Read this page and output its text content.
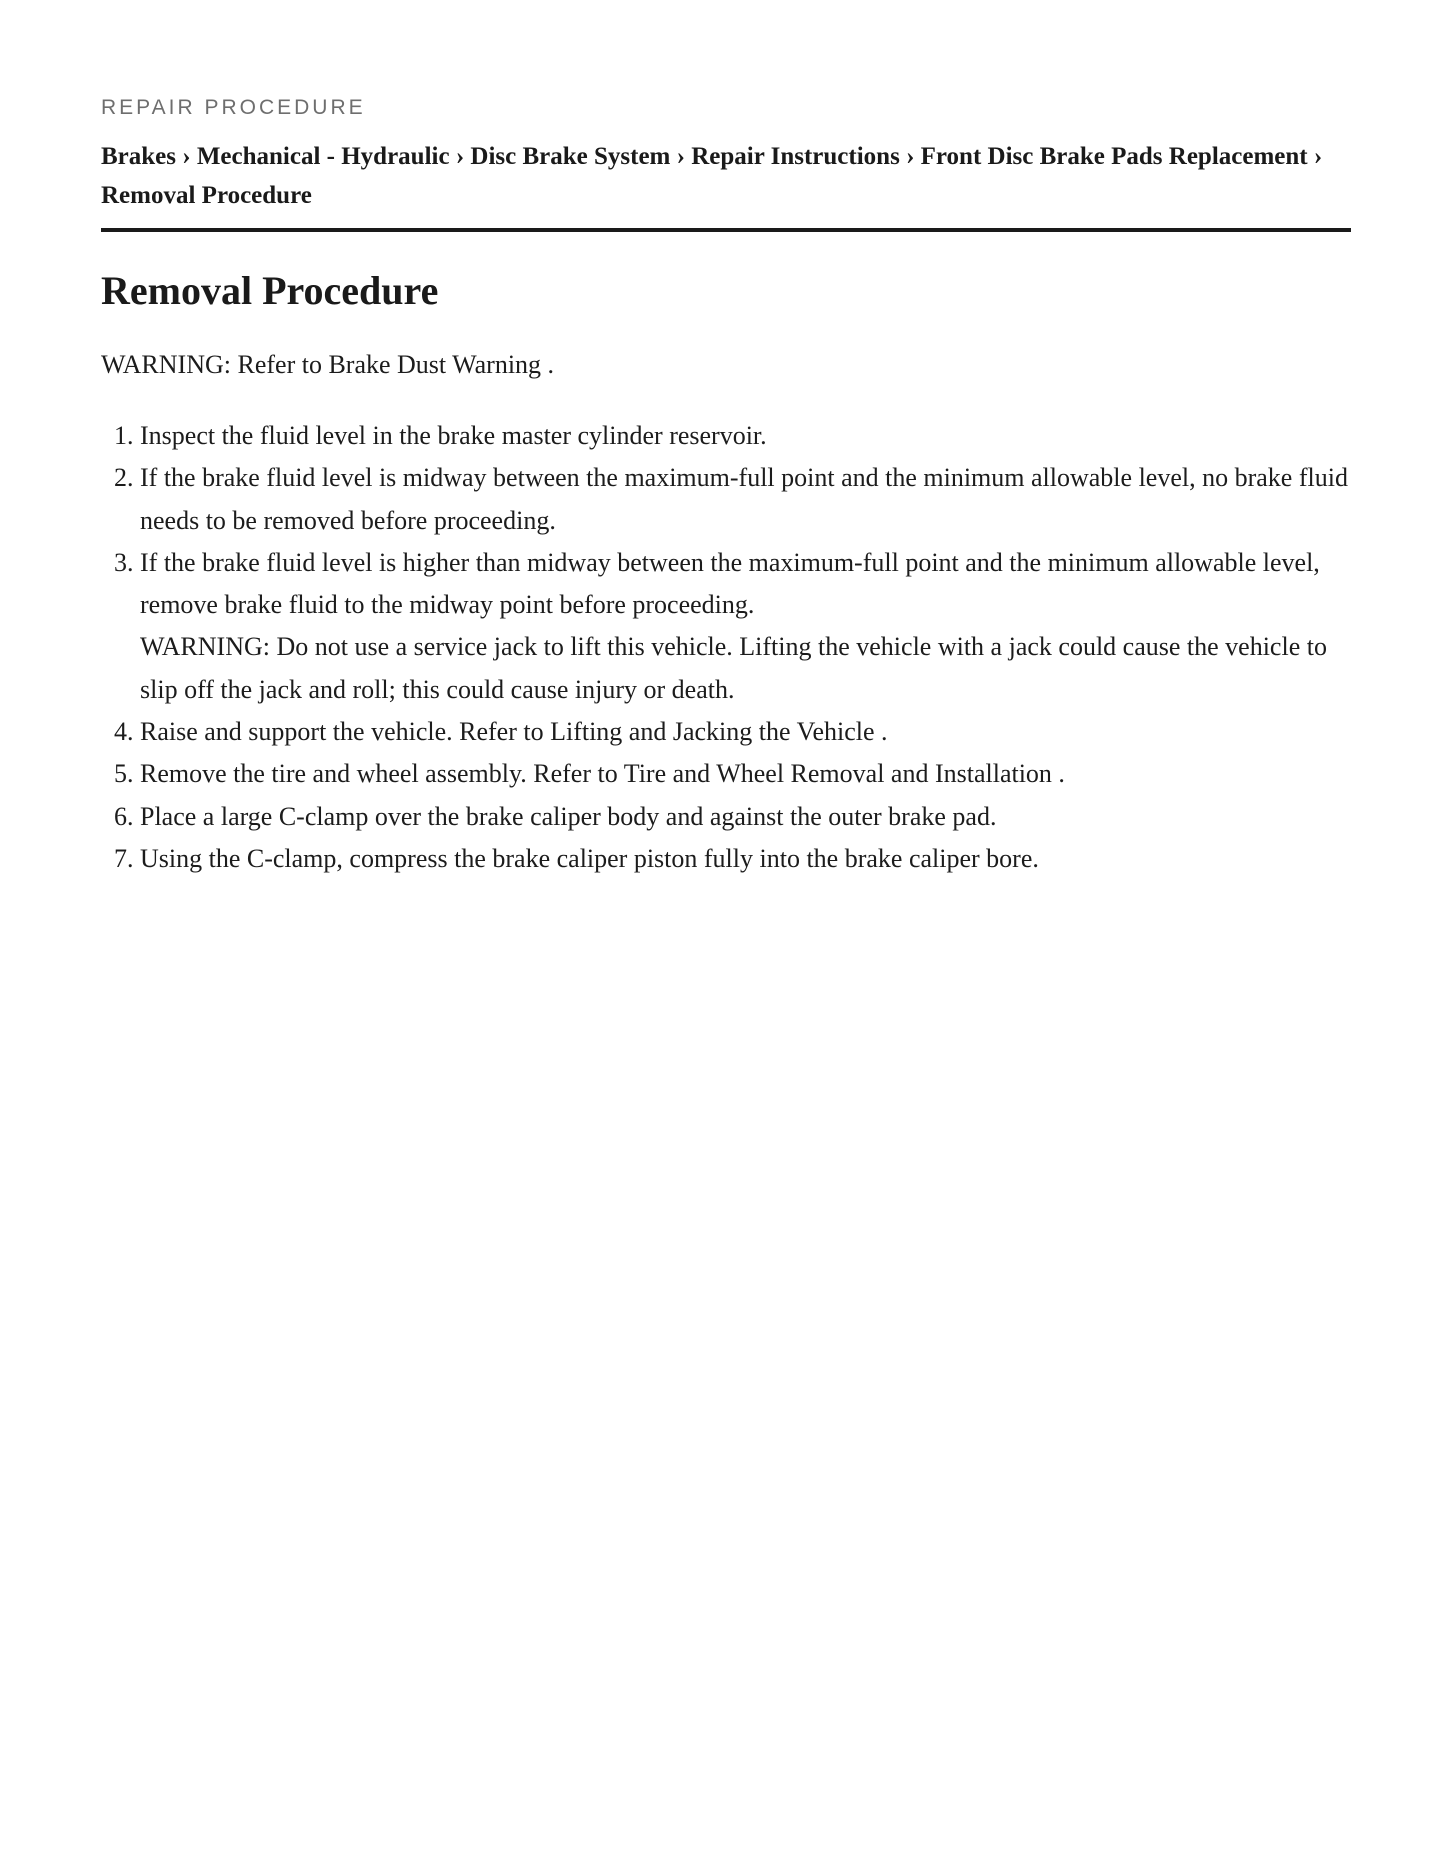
REPAIR PROCEDURE

Brakes › Mechanical - Hydraulic › Disc Brake System › Repair Instructions › Front Disc Brake Pads Replacement › Removal Procedure
Removal Procedure
WARNING: Refer to Brake Dust Warning .
1. Inspect the fluid level in the brake master cylinder reservoir.
2. If the brake fluid level is midway between the maximum-full point and the minimum allowable level, no brake fluid needs to be removed before proceeding.
3. If the brake fluid level is higher than midway between the maximum-full point and the minimum allowable level, remove brake fluid to the midway point before proceeding.
WARNING: Do not use a service jack to lift this vehicle. Lifting the vehicle with a jack could cause the vehicle to slip off the jack and roll; this could cause injury or death.
4. Raise and support the vehicle. Refer to Lifting and Jacking the Vehicle .
5. Remove the tire and wheel assembly. Refer to Tire and Wheel Removal and Installation .
6. Place a large C-clamp over the brake caliper body and against the outer brake pad.
7. Using the C-clamp, compress the brake caliper piston fully into the brake caliper bore.
